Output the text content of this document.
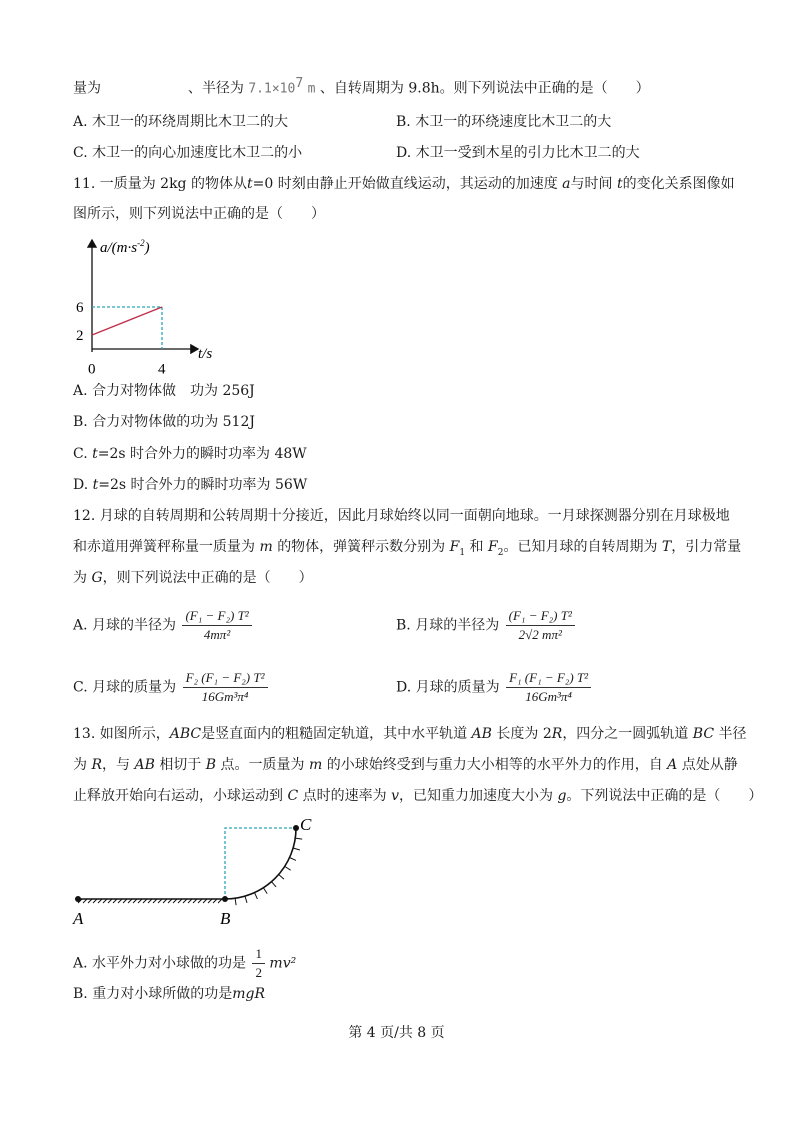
量为	、半径为 $7.1\times 10^7$ m 、自转周期为 9.8h。则下列说法中正确的是（　　）
A. 木卫一的环绕周期比木卫二的大	B. 木卫一的环绕速度比木卫二的大
C. 木卫一的向心加速度比木卫二的小	D. 木卫一受到木星的引力比木卫二的大
11. 一质量为 2kg 的物体从t=0 时刻由静止开始做直线运动，其运动的加速度 a与时间 t的变化关系图像如
图所示，则下列说法中正确的是（　　）
2
6
0	4
$a/(m\cdot s^{-2})$
t/s
A. 合力对物体做　功为 256J
B. 合力对物体做的功为 512J
C. t=2s 时合外力的瞬时功率为 48W
D. t=2s 时合外力的瞬时功率为 56W
12. 月球的自转周期和公转周期十分接近，因此月球始终以同一面朝向地球。一月球探测器分别在月球极地
和赤道用弹簧秤称量一质量为 m 的物体，弹簧秤示数分别为 $F_1$ 和 $F_2$。已知月球的自转周期为 T，引力常量
为 G，则下列说法中正确的是（　　）
A. 月球的半径为 $\frac{\text{(F₁ − F₂) T²}}{\text{4mπ²}}$	B. 月球的半径为 $\frac{\text{(F₁ − F₂) T²}}{\text{2√2 mπ²}}$
C. 月球的质量为 $\frac{\text{F₂ (F₁ − F₂) T²}}{\text{16Gm³π⁴}}$	D. 月球的质量为 $\frac{\text{F₁ (F₁ − F₂) T²}}{\text{16Gm³π⁴}}$
13. 如图所示，ABC是竖直面内的粗糙固定轨道，其中水平轨道 AB 长度为 2R，四分之一圆弧轨道 BC 半径
为 R，与 AB 相切于 B 点。一质量为 m 的小球始终受到与重力大小相等的水平外力的作用，自 A 点处从静
止释放开始向右运动，小球运动到 C 点时的速率为 v，已知重力加速度大小为 g。下列说法中正确的是（　　）
A	B
C
A. 水平外力对小球做的功是 $\frac{1}{2} mv^2$
B. 重力对小球所做的功是mgR
第 4 页/共 8 页
